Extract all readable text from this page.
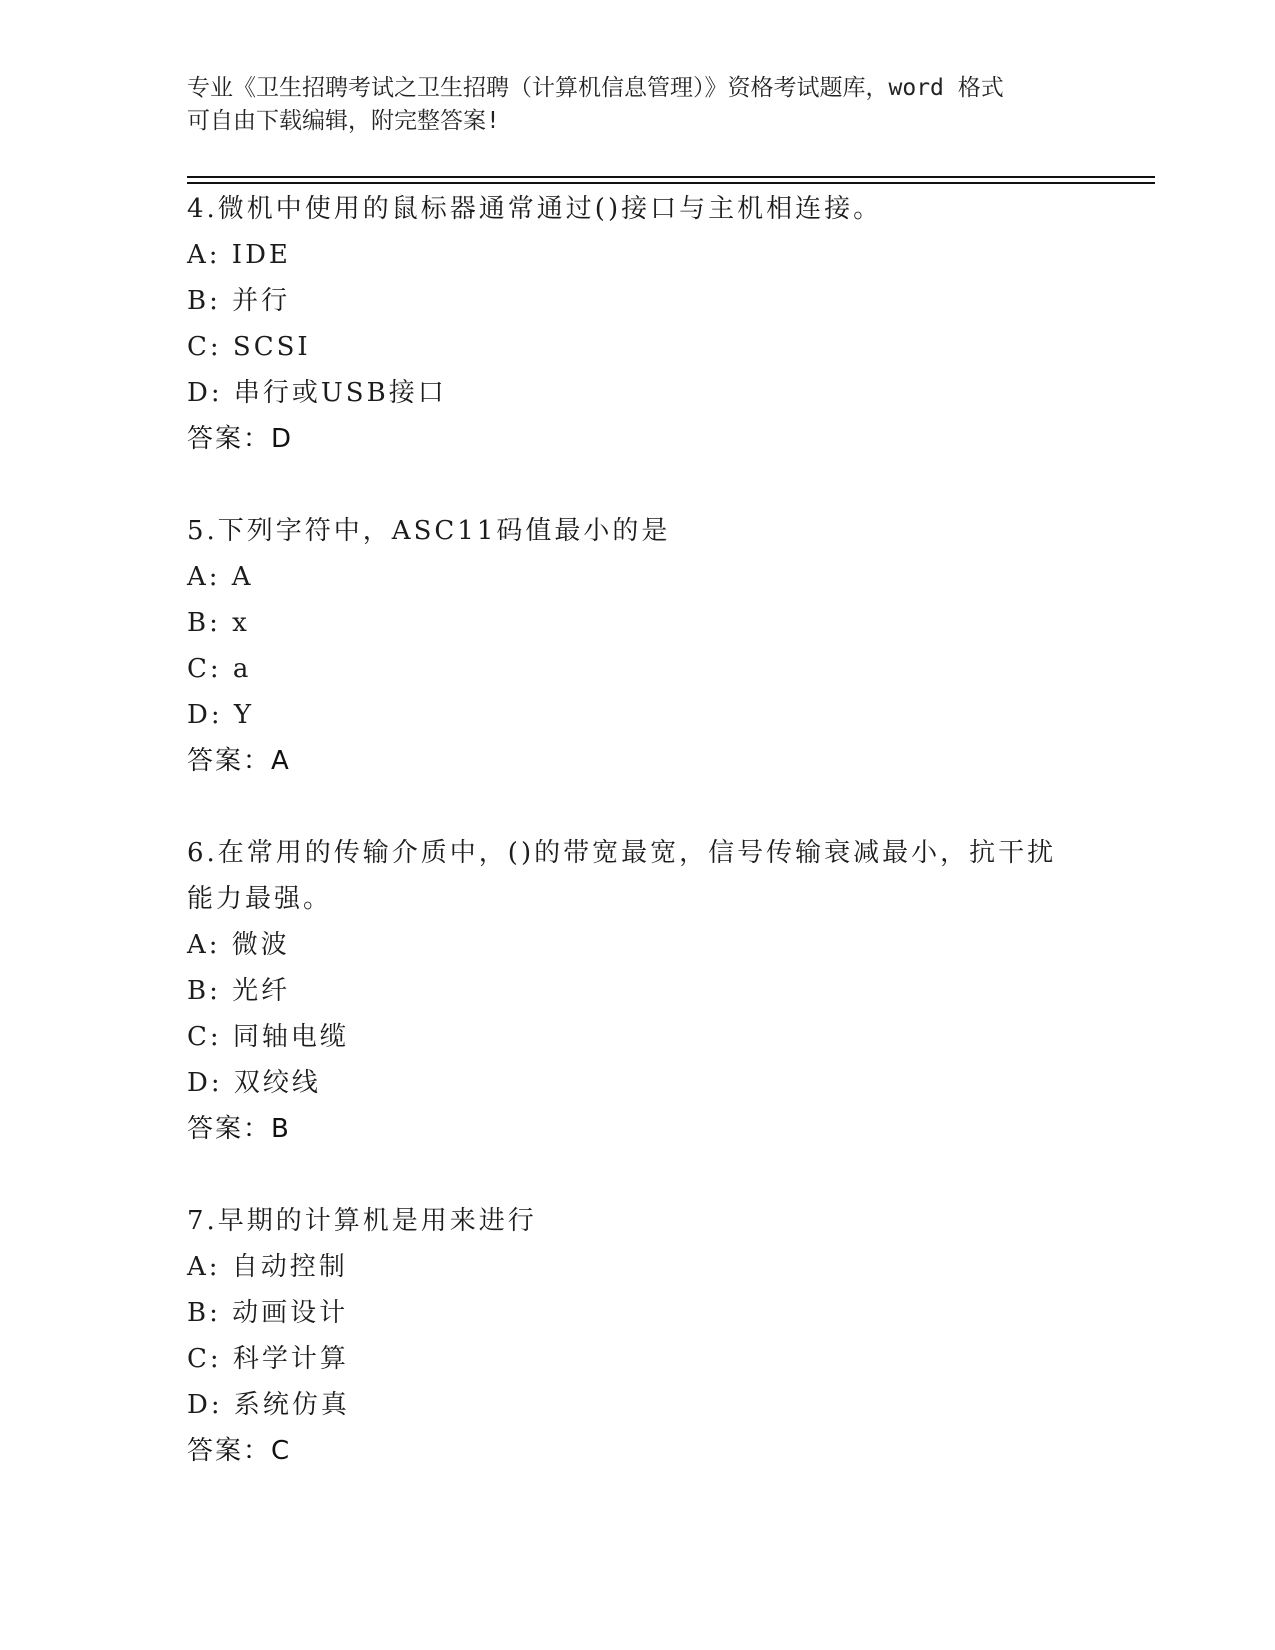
专业《卫生招聘考试之卫生招聘（计算机信息管理）》资格考试题库，word 格式
可自由下载编辑，附完整答案!
4.微机中使用的鼠标器通常通过()接口与主机相连接。
A: IDE
B: 并行
C: SCSI
D: 串行或USB接口
答案：D
5.下列字符中，ASC11码值最小的是
A: A
B: x
C: a
D: Y
答案：A
6.在常用的传输介质中，()的带宽最宽，信号传输衰减最小，抗干扰能力最强。
A: 微波
B: 光纤
C: 同轴电缆
D: 双绞线
答案：B
7.早期的计算机是用来进行
A: 自动控制
B: 动画设计
C: 科学计算
D: 系统仿真
答案：C
